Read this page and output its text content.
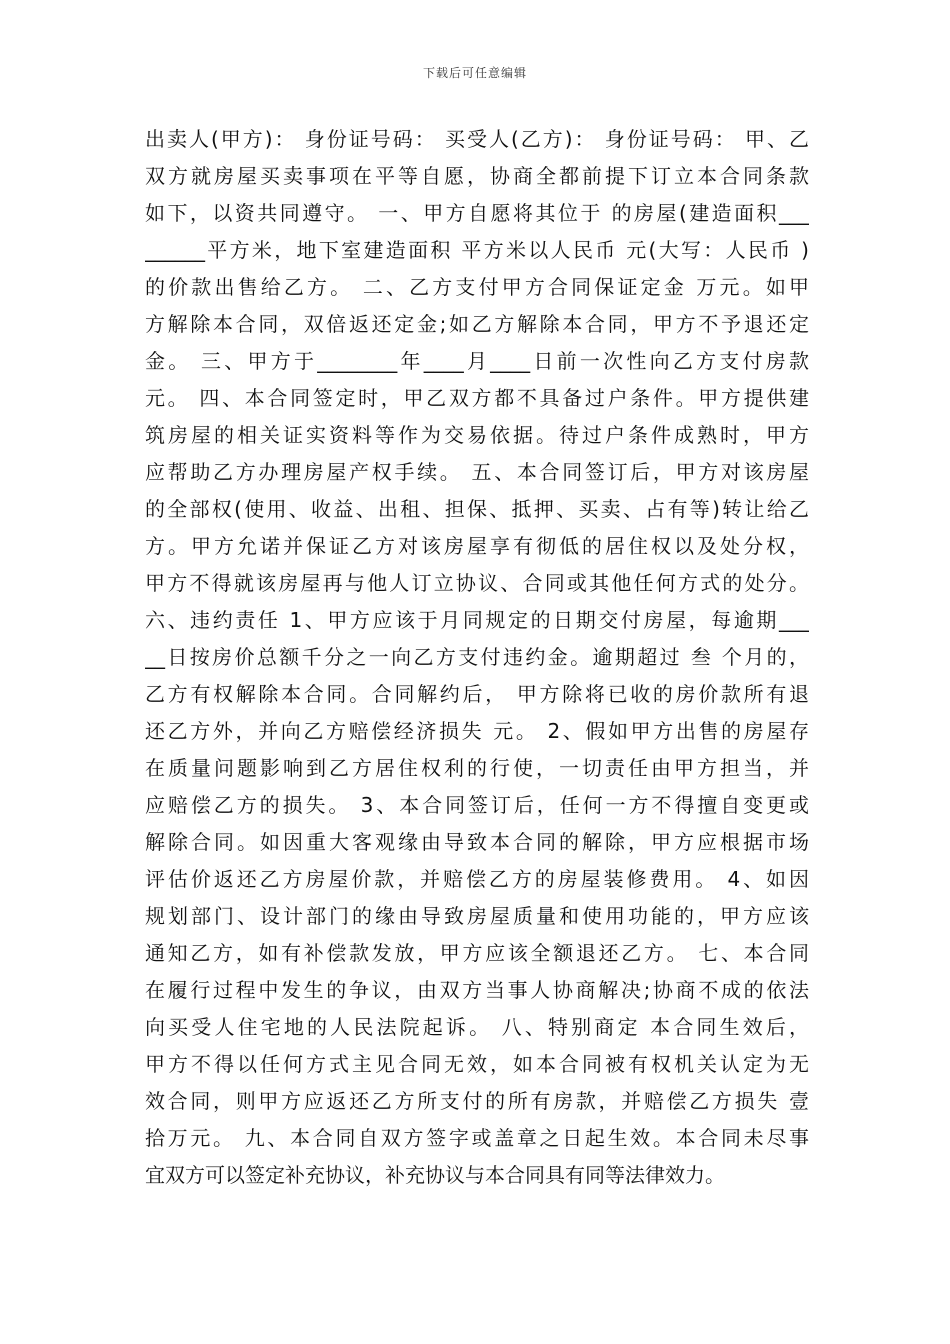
下载后可任意编辑
出卖人(甲方)： 身份证号码： 买受人(乙方)： 身份证号码： 甲、乙
双方就房屋买卖事项在平等自愿，协商全都前提下订立本合同条款
如下，以资共同遵守。 一、甲方自愿将其位于 的房屋(建造面积___
______平方米，地下室建造面积 平方米以人民币 元(大写：人民币 )
的价款出售给乙方。 二、乙方支付甲方合同保证定金 万元。如甲
方解除本合同，双倍返还定金;如乙方解除本合同，甲方不予退还定
金。 三、甲方于________年____月____日前一次性向乙方支付房款
元。 四、本合同签定时，甲乙双方都不具备过户条件。甲方提供建
筑房屋的相关证实资料等作为交易依据。待过户条件成熟时，甲方
应帮助乙方办理房屋产权手续。 五、本合同签订后，甲方对该房屋
的全部权(使用、收益、出租、担保、抵押、买卖、占有等)转让给乙
方。甲方允诺并保证乙方对该房屋享有彻低的居住权以及处分权，
甲方不得就该房屋再与他人订立协议、合同或其他任何方式的处分。
六、违约责任 1、甲方应该于月同规定的日期交付房屋，每逾期___
__日按房价总额千分之一向乙方支付违约金。逾期超过 叁 个月的，
乙方有权解除本合同。合同解约后， 甲方除将已收的房价款所有退
还乙方外，并向乙方赔偿经济损失 元。 2、假如甲方出售的房屋存
在质量问题影响到乙方居住权利的行使，一切责任由甲方担当，并
应赔偿乙方的损失。 3、本合同签订后，任何一方不得擅自变更或
解除合同。如因重大客观缘由导致本合同的解除，甲方应根据市场
评估价返还乙方房屋价款，并赔偿乙方的房屋装修费用。 4、如因
规划部门、设计部门的缘由导致房屋质量和使用功能的，甲方应该
通知乙方，如有补偿款发放，甲方应该全额退还乙方。 七、本合同
在履行过程中发生的争议，由双方当事人协商解决;协商不成的依法
向买受人住宅地的人民法院起诉。 八、特别商定 本合同生效后，
甲方不得以任何方式主见合同无效，如本合同被有权机关认定为无
效合同，则甲方应返还乙方所支付的所有房款，并赔偿乙方损失 壹
拾万元。 九、本合同自双方签字或盖章之日起生效。本合同未尽事
宜双方可以签定补充协议，补充协议与本合同具有同等法律效力。
